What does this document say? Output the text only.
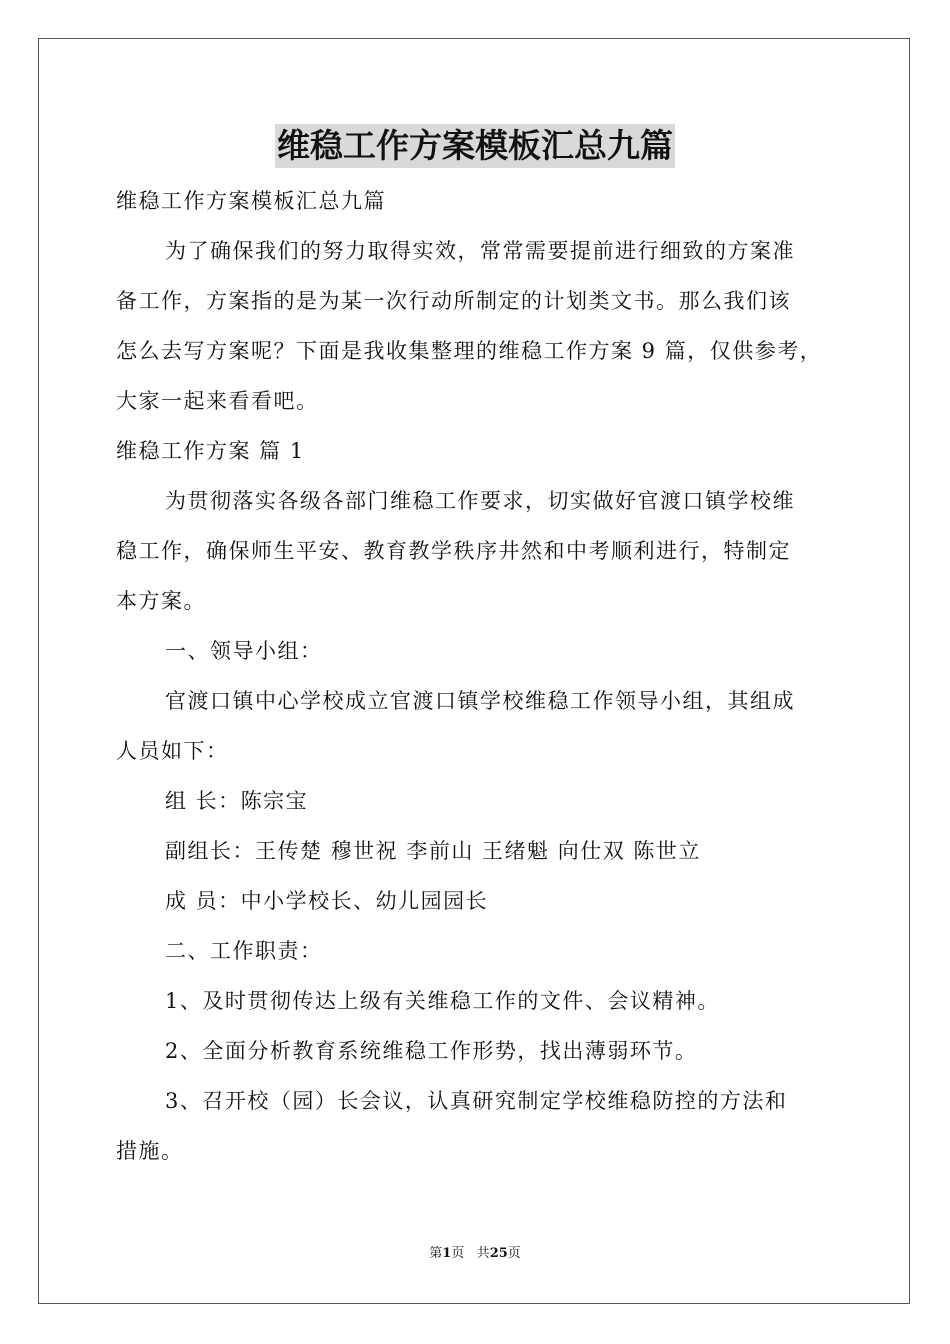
维稳工作方案模板汇总九篇
维稳工作方案模板汇总九篇
为了确保我们的努力取得实效，常常需要提前进行细致的方案准
备工作，方案指的是为某一次行动所制定的计划类文书。那么我们该
怎么去写方案呢？下面是我收集整理的维稳工作方案 9 篇，仅供参考，
大家一起来看看吧。
维稳工作方案 篇 1
为贯彻落实各级各部门维稳工作要求，切实做好官渡口镇学校维
稳工作，确保师生平安、教育教学秩序井然和中考顺利进行，特制定
本方案。
一、领导小组：
官渡口镇中心学校成立官渡口镇学校维稳工作领导小组，其组成
人员如下：
组 长：陈宗宝
副组长：王传楚 穆世祝 李前山 王绪魁 向仕双 陈世立
成 员：中小学校长、幼儿园园长
二、工作职责：
1、及时贯彻传达上级有关维稳工作的文件、会议精神。
2、全面分析教育系统维稳工作形势，找出薄弱环节。
3、召开校（园）长会议，认真研究制定学校维稳防控的方法和
措施。
第1页 共25页
